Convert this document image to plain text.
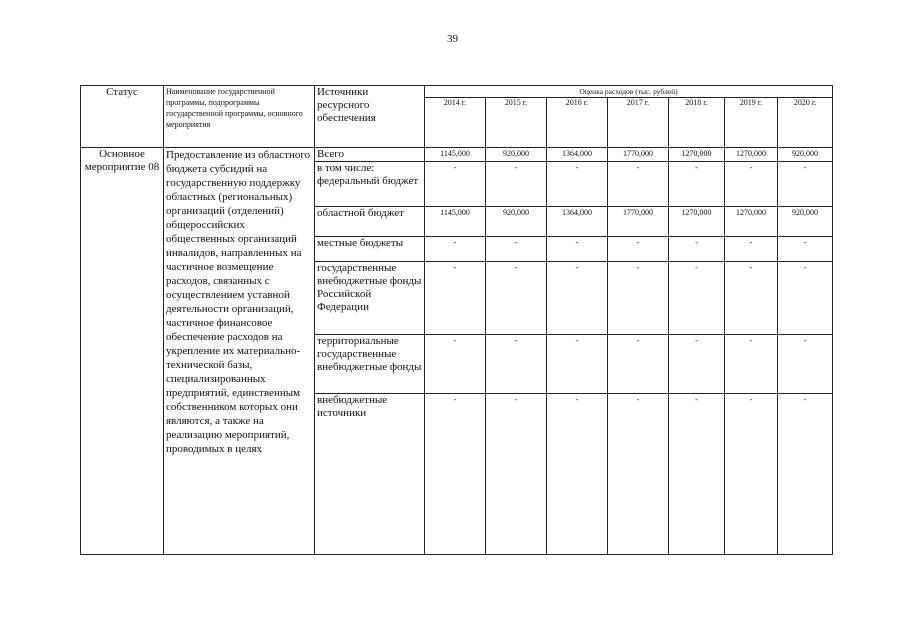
39
Статус	Наименование государственной программы, подпрограммы государственной программы, основного мероприятия	Источники ресурсного обеспечения	Оценка расходов (тыс. рублей)						
			2014 г.	2015 г.	2016 г.	2017 г.	2018 г.	2019 г.	2020 г.
Основное мероприятие 08	Предоставление из областного бюджета субсидий на государственную поддержку областных (региональных) организаций (отделений) общероссийских общественных организаций инвалидов, направленных на частичное возмещение расходов, связанных с осуществлением уставной деятельности организаций, частичное финансовое обеспечение расходов на укрепление их материально-технической базы, специализированных предприятий, единственным собственником которых они являются, а также на реализацию мероприятий, проводимых в целях	Всего	1145,000	920,000	1364,000	1770,000	1270,000	1270,000	920,000
		в том числе: федеральный бюджет	-	-	-	-	-	-	-
		областной бюджет	1145,000	920,000	1364,000	1770,000	1270,000	1270,000	920,000
		местные бюджеты	-	-	-	-	-	-	-
		государственные внебюджетные фонды Российской Федерации	-	-	-	-	-	-	-
		территориальные государственные внебюджетные фонды	-	-	-	-	-	-	-
		внебюджетные источники	-	-	-	-	-	-	-
